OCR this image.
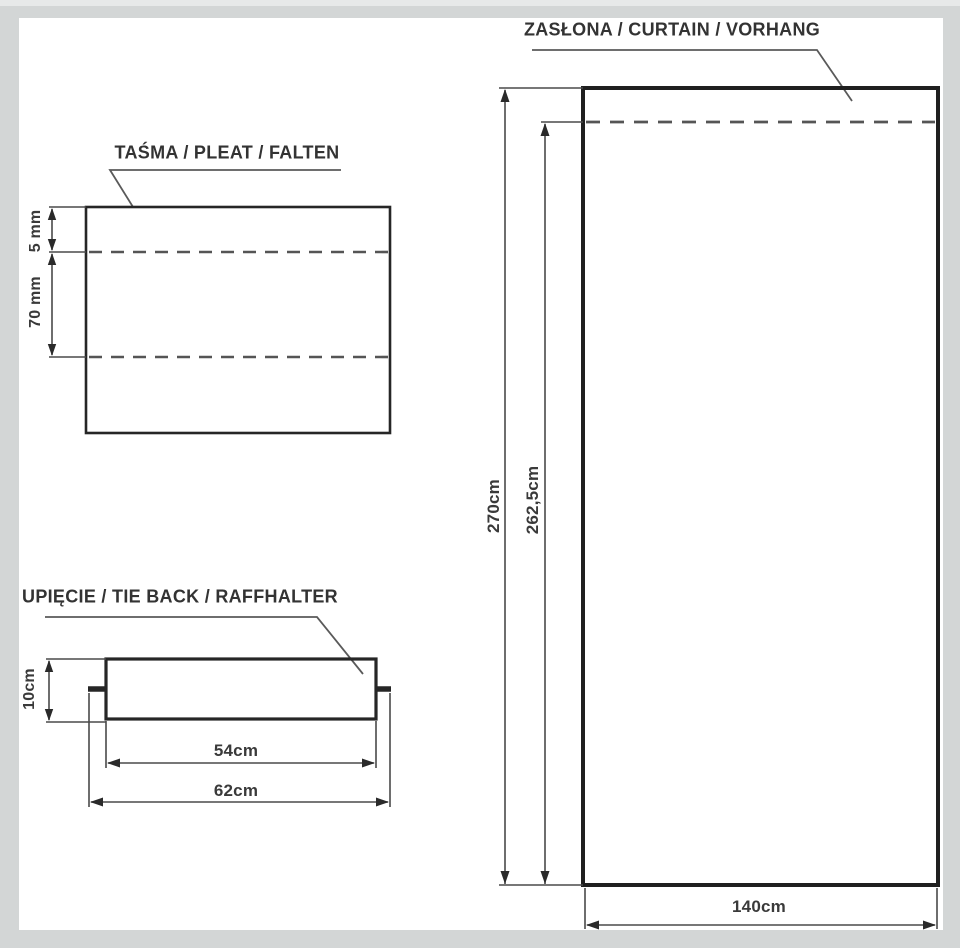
ZASŁONA / CURTAIN / VORHANG
TAŚMA / PLEAT / FALTEN
UPIĘCIE / TIE BACK / RAFFHALTER
5 mm
70 mm
10cm
54cm
62cm
270cm 262,5cm
140cm
